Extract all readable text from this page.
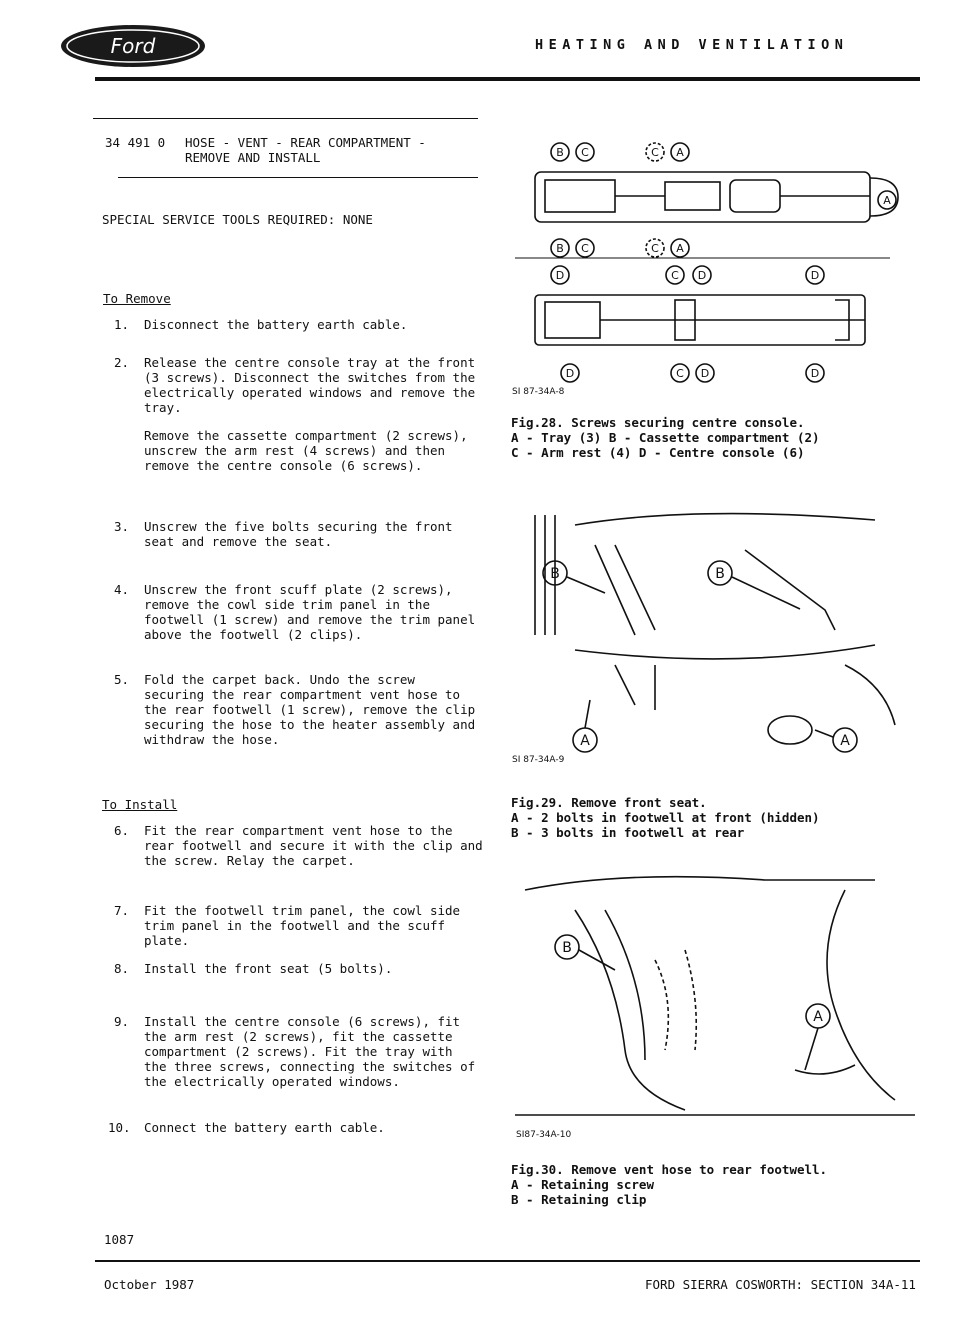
Ford	HEATING AND VENTILATION
34 491 0 HOSE - VENT - REAR COMPARTMENT -
REMOVE AND INSTALL
SPECIAL SERVICE TOOLS REQUIRED: NONE
To Remove
1. Disconnect the battery earth cable.
2. Release the centre console tray at the front
(3 screws). Disconnect the switches from the
electrically operated windows and remove the
tray.
Remove the cassette compartment (2 screws),
unscrew the arm rest (4 screws) and then
remove the centre console (6 screws).
3. Unscrew the five bolts securing the front
seat and remove the seat.
4. Unscrew the front scuff plate (2 screws),
remove the cowl side trim panel in the
footwell (1 screw) and remove the trim panel
above the footwell (2 clips).
5. Fold the carpet back. Undo the screw
securing the rear compartment vent hose to
the rear footwell (1 screw), remove the clip
securing the hose to the heater assembly and
withdraw the hose.
To Install
6. Fit the rear compartment vent hose to the
rear footwell and secure it with the clip and
the screw. Relay the carpet.
7. Fit the footwell trim panel, the cowl side
trim panel in the footwell and the scuff
plate.
8. Install the front seat (5 bolts).
9. Install the centre console (6 screws), fit
the arm rest (2 screws), fit the cassette
compartment (2 screws). Fit the tray with
the three screws, connecting the switches of
the electrically operated windows.
10. Connect the battery earth cable.
1087
B C	C A
B C	C A
A
D	C D	D
D	C D	D
SI 87-34A-8
Fig.28. Screws securing centre console.
A - Tray (3) B - Cassette compartment (2)
C - Arm rest (4) D - Centre console (6)
B	B
A	A
SI 87-34A-9
Fig.29. Remove front seat.
A - 2 bolts in footwell at front (hidden)
B - 3 bolts in footwell at rear
B
A
SI87-34A-10
Fig.30. Remove vent hose to rear footwell.
A - Retaining screw
B - Retaining clip
October 1987	FORD SIERRA COSWORTH: SECTION 34A-11
